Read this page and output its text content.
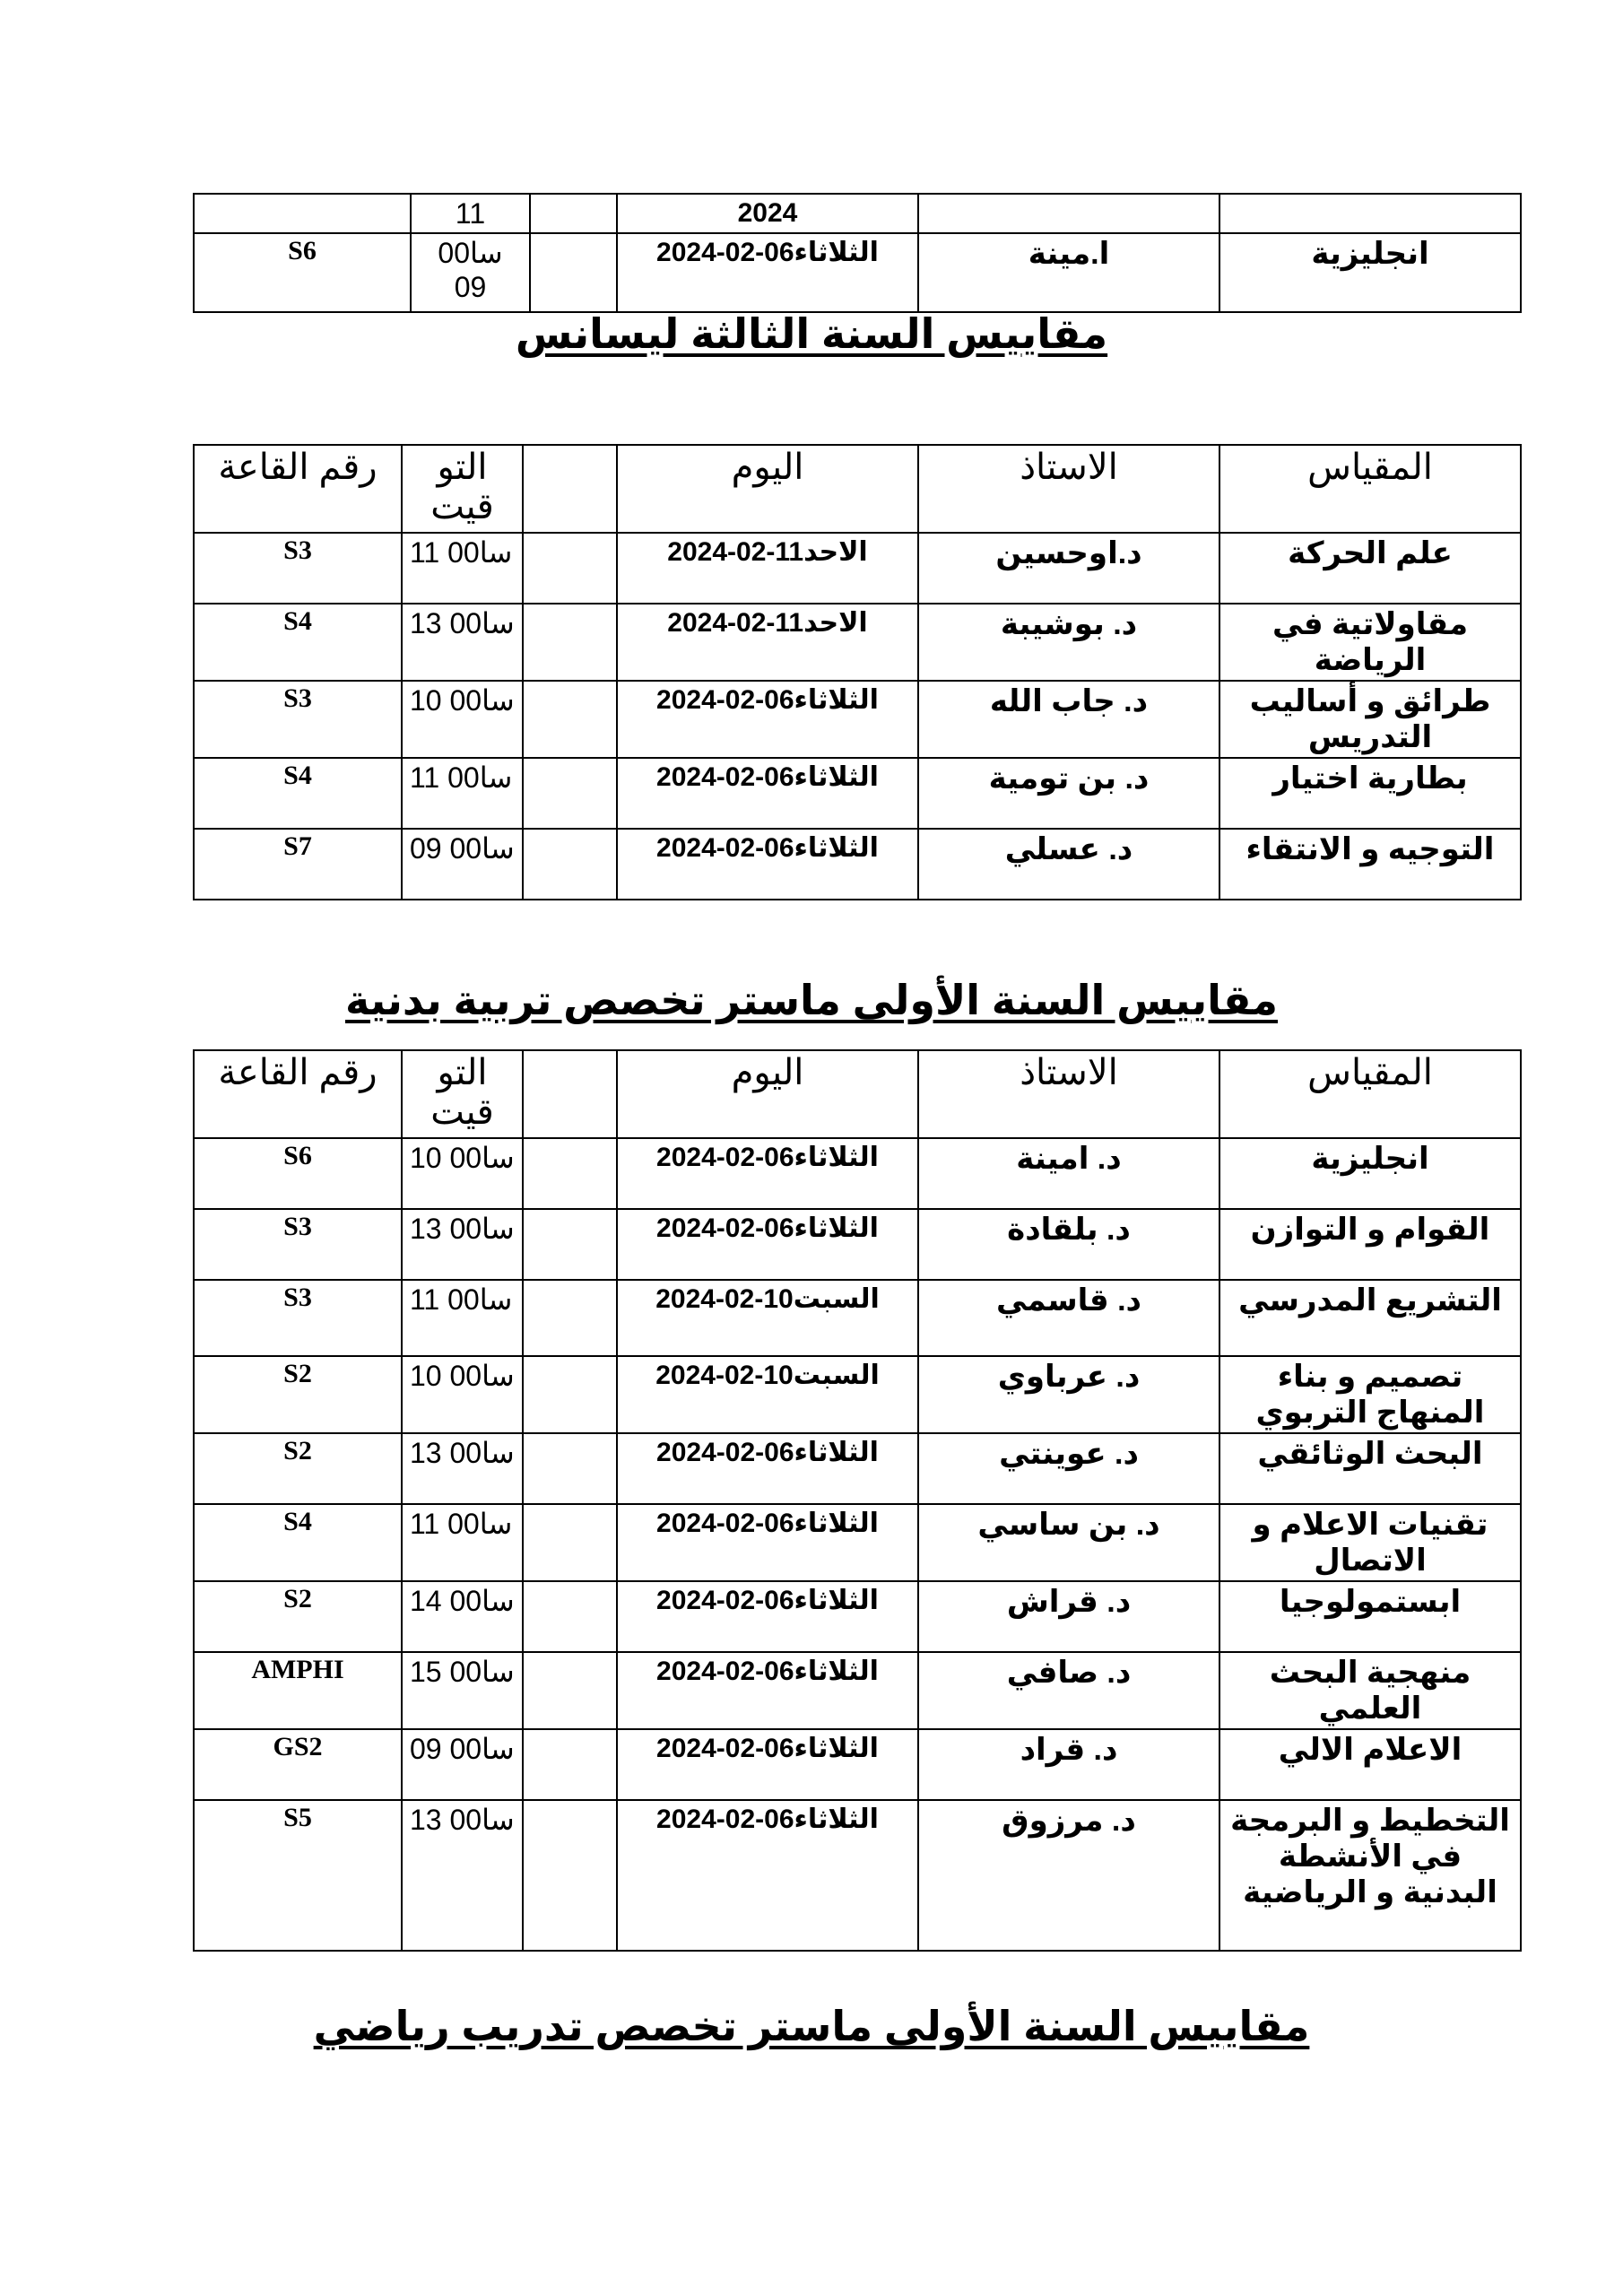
	11		2024		
S6	سا00 09		الثلاثاء06-02-2024	ا.مينة	انجليزية
مقاييس السنة الثالثة ليسانس
رقم القاعة	التو قيت		اليوم	الاستاذ	المقياس
S3	سا00 11		الاحد11-02-2024	د.اوحسين	علم الحركة
S4	سا00 13		الاحد11-02-2024	د. بوشيبة	مقاولاتية في الرياضة
S3	سا00 10		الثلاثاء06-02-2024	د. جاب الله	طرائق و أساليب التدريس
S4	سا00 11		الثلاثاء06-02-2024	د. بن تومية	بطارية اختيار
S7	سا00 09		الثلاثاء06-02-2024	د. عسلي	التوجيه و الانتقاء
مقاييس السنة الأولى ماستر تخصص تربية بدنية
رقم القاعة	التو قيت		اليوم	الاستاذ	المقياس
S6	سا00 10		الثلاثاء06-02-2024	د. امينة	انجليزية
S3	سا00 13		الثلاثاء06-02-2024	د. بلقادة	القوام و التوازن
S3	سا00 11		السبت10-02-2024	د. قاسمي	التشريع المدرسي
S2	سا00 10		السبت10-02-2024	د. عرباوي	تصميم و بناء المنهاج التربوي
S2	سا00 13		الثلاثاء06-02-2024	د. عوينتي	البحث الوثائقي
S4	سا00 11		الثلاثاء06-02-2024	د. بن ساسي	تقنيات الاعلام و الاتصال
S2	سا00 14		الثلاثاء06-02-2024	د. قراش	ابستمولوجيا
AMPHI	سا00 15		الثلاثاء06-02-2024	د. صافي	منهجية البحث العلمي
GS2	سا00 09		الثلاثاء06-02-2024	د. قراد	الاعلام الالي
S5	سا00 13		الثلاثاء06-02-2024	د. مرزوق	التخطيط و البرمجة في الأنشطة البدنية و الرياضية
مقاييس السنة الأولى ماستر تخصص تدريب رياضي
